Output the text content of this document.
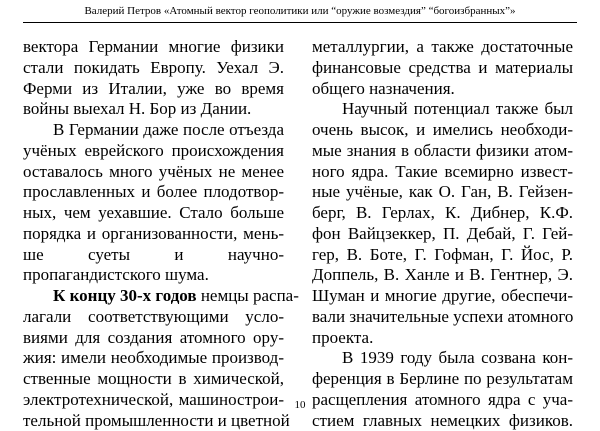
Валерий Петров «Атомный вектор геополитики или “оружие возмездия” “богоизбранных”»
вектора Германии многие физики
стали покидать Европу. Уехал Э.
Ферми из Италии, уже во время
войны выехал Н. Бор из Дании.
В Германии даже после отъезда
учёных еврейского происхождения
оставалось много учёных не менее
прославленных и более плодотвор-
ных, чем уехавшие. Стало больше
порядка и организованности, мень-
ше суеты и научно-
пропагандистского шума.
К концу 30-х годов немцы распа-
лагали соответствующими усло-
виями для создания атомного ору-
жия: имели необходимые производ-
ственные мощности в химической,
электротехнической, машинострои-
тельной промышленности и цветной
металлургии, а также достаточные
финансовые средства и материалы
общего назначения.
Научный потенциал также был
очень высок, и имелись необходи-
мые знания в области физики атом-
ного ядра. Такие всемирно извест-
ные учёные, как О. Ган, В. Гейзен-
берг, В. Герлах, К. Дибнер, К.Ф.
фон Вайцзеккер, П. Дебай, Г. Гей-
гер, В. Боте, Г. Гофман, Г. Йос, Р.
Доппель, В. Ханле и В. Гентнер, Э.
Шуман и многие другие, обеспечи-
вали значительные успехи атомного
проекта.
В 1939 году была созвана кон-
ференция в Берлине по результатам
расщепления атомного ядра с уча-
стием главных немецких физиков.
10
